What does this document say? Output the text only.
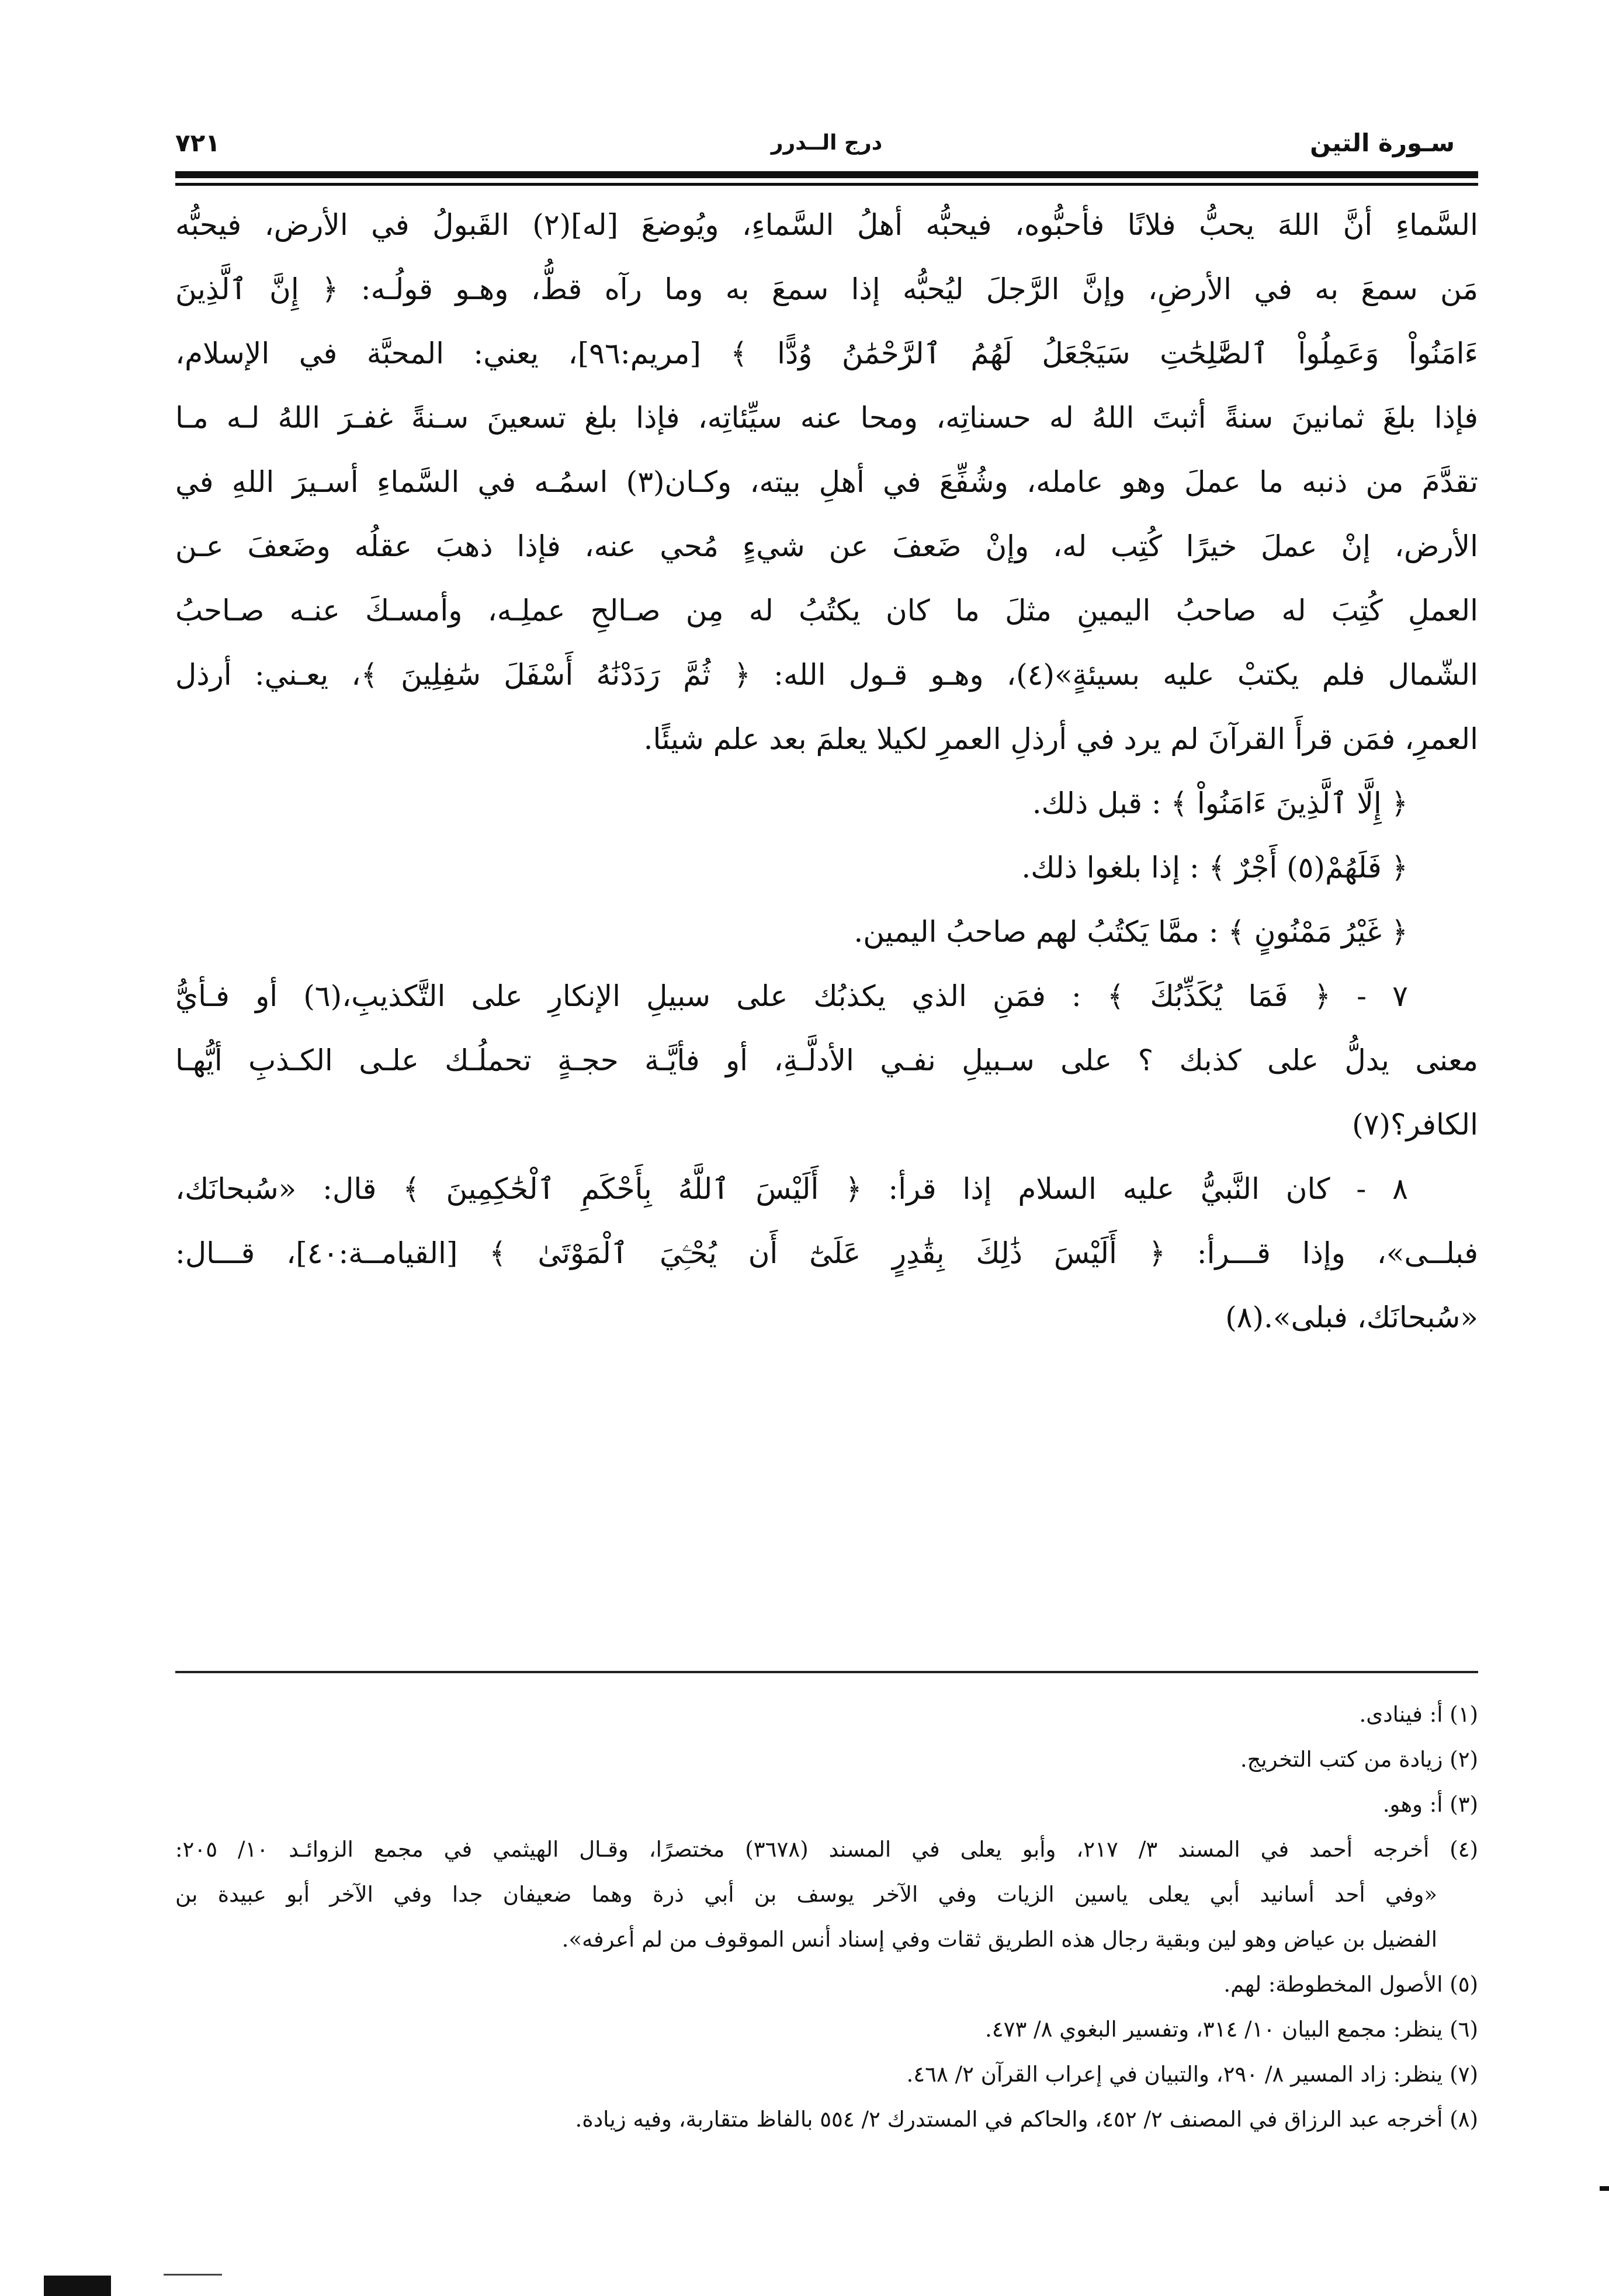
سـورة التين
درج الــدرر
٧٢١
السَّماءِ أنَّ اللهَ يحبُّ فلانًا فأحبُّوه، فيحبُّه أهلُ السَّماءِ، ويُوضعَ [له](٢) القَبولُ في الأرض، فيحبُّه
مَن سمعَ به في الأرضِ، وإنَّ الرَّجلَ ليُحبُّه إذا سمعَ به وما رآه قطُّ، وهـو قولُـه: ﴿ إِنَّ ٱلَّذِينَ
ءَامَنُواْ وَعَمِلُواْ ٱلصَّٰلِحَٰتِ سَيَجْعَلُ لَهُمُ ٱلرَّحْمَٰنُ وُدًّا ﴾ [مريم:٩٦]، يعني: المحبَّة في الإسلام،
فإذا بلغَ ثمانينَ سنةً أثبتَ اللهُ له حسناتِه، ومحا عنه سيِّئاتِه، فإذا بلغ تسعينَ سـنةً غفـرَ اللهُ لـه مـا
تقدَّمَ من ذنبه ما عملَ وهو عامله، وشُفِّعَ في أهلِ بيته، وكـان(٣) اسمُـه في السَّماءِ أسـيرَ اللهِ في
الأرض، إنْ عملَ خيرًا كُتِب له، وإنْ ضَعفَ عن شيءٍ مُحي عنه، فإذا ذهبَ عقلُه وضَعفَ عـن
العملِ كُتِبَ له صاحبُ اليمينِ مثلَ ما كان يكتُبُ له مِن صـالحِ عملِـه، وأمسـكَ عنـه صـاحبُ
الشّمال فلم يكتبْ عليه بسيئةٍ»(٤)، وهـو قـول الله: ﴿ ثُمَّ رَدَدْنَٰهُ أَسْفَلَ سَٰفِلِينَ ﴾، يعـني: أرذل
العمرِ، فمَن قرأَ القرآنَ لم يرد في أرذلِ العمرِ لكيلا يعلمَ بعد علم شيئًا.
﴿ إِلَّا ٱلَّذِينَ ءَامَنُواْ ﴾ : قبل ذلك.
﴿ فَلَهُمْ(٥) أَجْرٌ ﴾ : إذا بلغوا ذلك.
﴿ غَيْرُ مَمْنُونٍ ﴾ : ممَّا يَكتُبُ لهم صاحبُ اليمين.
٧ - ﴿ فَمَا يُكَذِّبُكَ ﴾ : فمَنِ الذي يكذبُك على سبيلِ الإنكارِ على التَّكذيبِ،(٦) أو فـأيُّ
معنى يدلُّ على كذبك ؟ على سـبيلِ نفـي الأدلَّـةِ، أو فأيَّـة حجـةٍ تحملُـك علـى الكـذبِ أيُّهـا
الكافر؟(٧)
٨ - كان النَّبيُّ عليه السلام إذا قرأ: ﴿ أَلَيْسَ ٱللَّهُ بِأَحْكَمِ ٱلْحَٰكِمِينَ ﴾ قال: «سُبحانَك،
فبلــى»، وإذا قـــرأ: ﴿ أَلَيْسَ ذَٰلِكَ بِقَٰدِرٍ عَلَىٰٓ أَن يُحْـِۧيَ ٱلْمَوْتَىٰ ﴾ [القيامــة:٤٠]، قـــال:
«سُبحانَك، فبلى».(٨)
(١) أ: فينادى.
(٢) زيادة من كتب التخريج.
(٣) أ: وهو.
(٤) أخرجه أحمد في المسند ٣/ ٢١٧، وأبو يعلى في المسند (٣٦٧٨) مختصرًا، وقـال الهيثمي في مجمع الزوائـد ١٠/ ٢٠٥:
«وفي أحد أسانيد أبي يعلى ياسين الزيات وفي الآخر يوسف بن أبي ذرة وهما ضعيفان جدا وفي الآخر أبو عبيدة بن
الفضيل بن عياض وهو لين وبقية رجال هذه الطريق ثقات وفي إسناد أنس الموقوف من لم أعرفه».
(٥) الأصول المخطوطة: لهم.
(٦) ينظر: مجمع البيان ١٠/ ٣١٤، وتفسير البغوي ٨/ ٤٧٣.
(٧) ينظر: زاد المسير ٨/ ٢٩٠، والتبيان في إعراب القرآن ٢/ ٤٦٨.
(٨) أخرجه عبد الرزاق في المصنف ٢/ ٤٥٢، والحاكم في المستدرك ٢/ ٥٥٤ بالفاظ متقاربة، وفيه زيادة.
